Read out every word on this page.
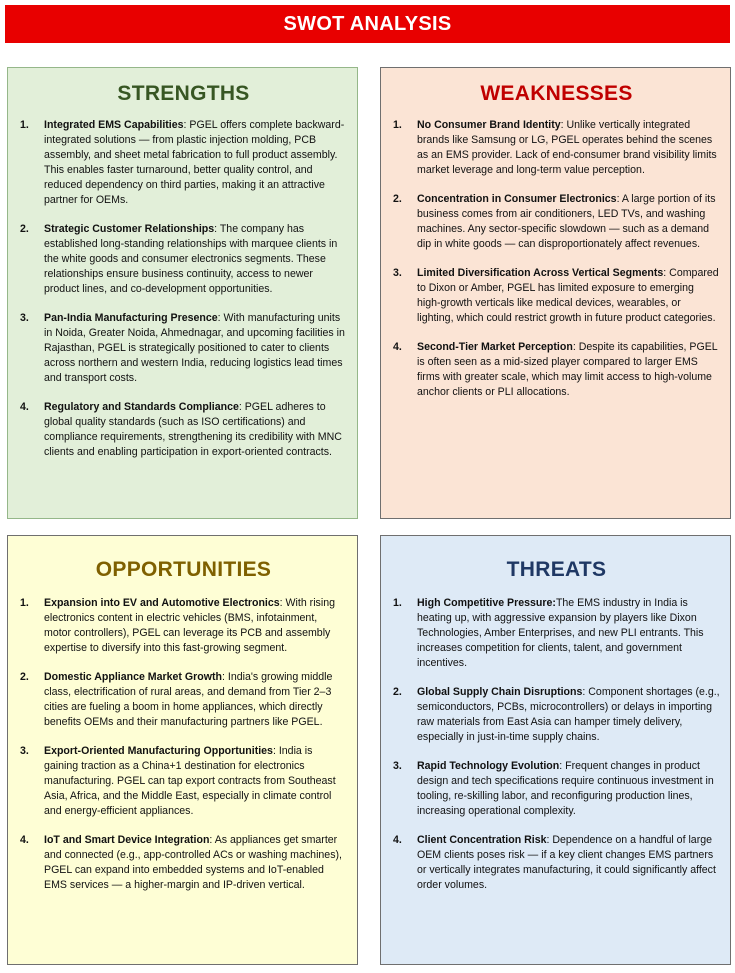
SWOT ANALYSIS
STRENGTHS
1. Integrated EMS Capabilities: PGEL offers complete backward-integrated solutions — from plastic injection molding, PCB assembly, and sheet metal fabrication to full product assembly. This enables faster turnaround, better quality control, and reduced dependency on third parties, making it an attractive partner for OEMs.
2. Strategic Customer Relationships: The company has established long-standing relationships with marquee clients in the white goods and consumer electronics segments. These relationships ensure business continuity, access to newer product lines, and co-development opportunities.
3. Pan-India Manufacturing Presence: With manufacturing units in Noida, Greater Noida, Ahmednagar, and upcoming facilities in Rajasthan, PGEL is strategically positioned to cater to clients across northern and western India, reducing logistics lead times and transport costs.
4. Regulatory and Standards Compliance: PGEL adheres to global quality standards (such as ISO certifications) and compliance requirements, strengthening its credibility with MNC clients and enabling participation in export-oriented contracts.
WEAKNESSES
1. No Consumer Brand Identity: Unlike vertically integrated brands like Samsung or LG, PGEL operates behind the scenes as an EMS provider. Lack of end-consumer brand visibility limits market leverage and long-term value perception.
2. Concentration in Consumer Electronics: A large portion of its business comes from air conditioners, LED TVs, and washing machines. Any sector-specific slowdown — such as a demand dip in white goods — can disproportionately affect revenues.
3. Limited Diversification Across Vertical Segments: Compared to Dixon or Amber, PGEL has limited exposure to emerging high-growth verticals like medical devices, wearables, or lighting, which could restrict growth in future product categories.
4. Second-Tier Market Perception: Despite its capabilities, PGEL is often seen as a mid-sized player compared to larger EMS firms with greater scale, which may limit access to high-volume anchor clients or PLI allocations.
OPPORTUNITIES
1. Expansion into EV and Automotive Electronics: With rising electronics content in electric vehicles (BMS, infotainment, motor controllers), PGEL can leverage its PCB and assembly expertise to diversify into this fast-growing segment.
2. Domestic Appliance Market Growth: India's growing middle class, electrification of rural areas, and demand from Tier 2–3 cities are fueling a boom in home appliances, which directly benefits OEMs and their manufacturing partners like PGEL.
3. Export-Oriented Manufacturing Opportunities: India is gaining traction as a China+1 destination for electronics manufacturing. PGEL can tap export contracts from Southeast Asia, Africa, and the Middle East, especially in climate control and energy-efficient appliances.
4. IoT and Smart Device Integration: As appliances get smarter and connected (e.g., app-controlled ACs or washing machines), PGEL can expand into embedded systems and IoT-enabled EMS services — a higher-margin and IP-driven vertical.
THREATS
1. High Competitive Pressure:The EMS industry in India is heating up, with aggressive expansion by players like Dixon Technologies, Amber Enterprises, and new PLI entrants. This increases competition for clients, talent, and government incentives.
2. Global Supply Chain Disruptions: Component shortages (e.g., semiconductors, PCBs, microcontrollers) or delays in importing raw materials from East Asia can hamper timely delivery, especially in just-in-time supply chains.
3. Rapid Technology Evolution: Frequent changes in product design and tech specifications require continuous investment in tooling, re-skilling labor, and reconfiguring production lines, increasing operational complexity.
4. Client Concentration Risk: Dependence on a handful of large OEM clients poses risk — if a key client changes EMS partners or vertically integrates manufacturing, it could significantly affect order volumes.
